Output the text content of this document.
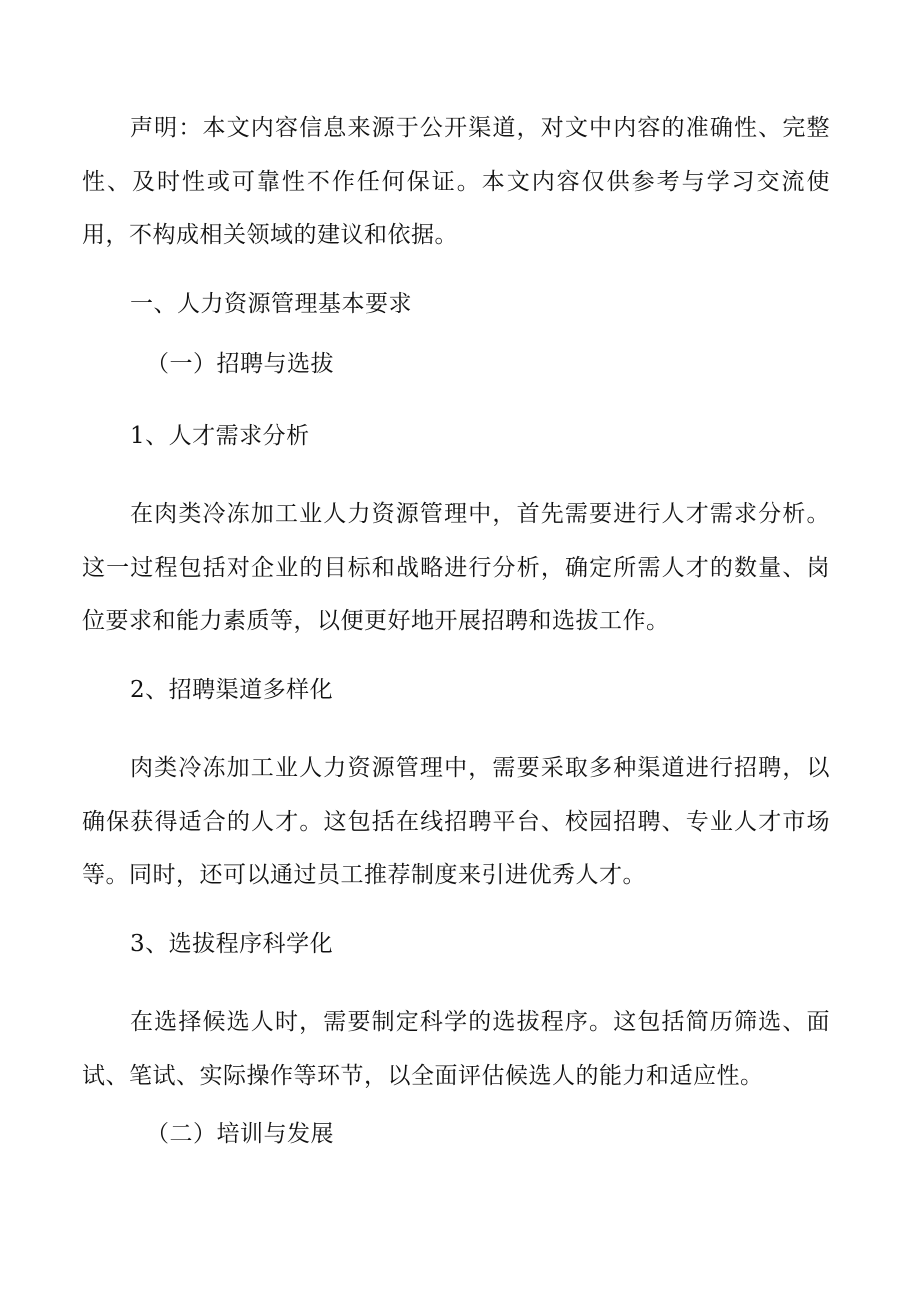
声明：本文内容信息来源于公开渠道，对文中内容的准确性、完整性、及时性或可靠性不作任何保证。本文内容仅供参考与学习交流使用，不构成相关领域的建议和依据。

一、人力资源管理基本要求

（一）招聘与选拔

1、人才需求分析

在肉类冷冻加工业人力资源管理中，首先需要进行人才需求分析。这一过程包括对企业的目标和战略进行分析，确定所需人才的数量、岗位要求和能力素质等，以便更好地开展招聘和选拔工作。

2、招聘渠道多样化

肉类冷冻加工业人力资源管理中，需要采取多种渠道进行招聘，以确保获得适合的人才。这包括在线招聘平台、校园招聘、专业人才市场等。同时，还可以通过员工推荐制度来引进优秀人才。

3、选拔程序科学化

在选择候选人时，需要制定科学的选拔程序。这包括简历筛选、面试、笔试、实际操作等环节，以全面评估候选人的能力和适应性。

（二）培训与发展
